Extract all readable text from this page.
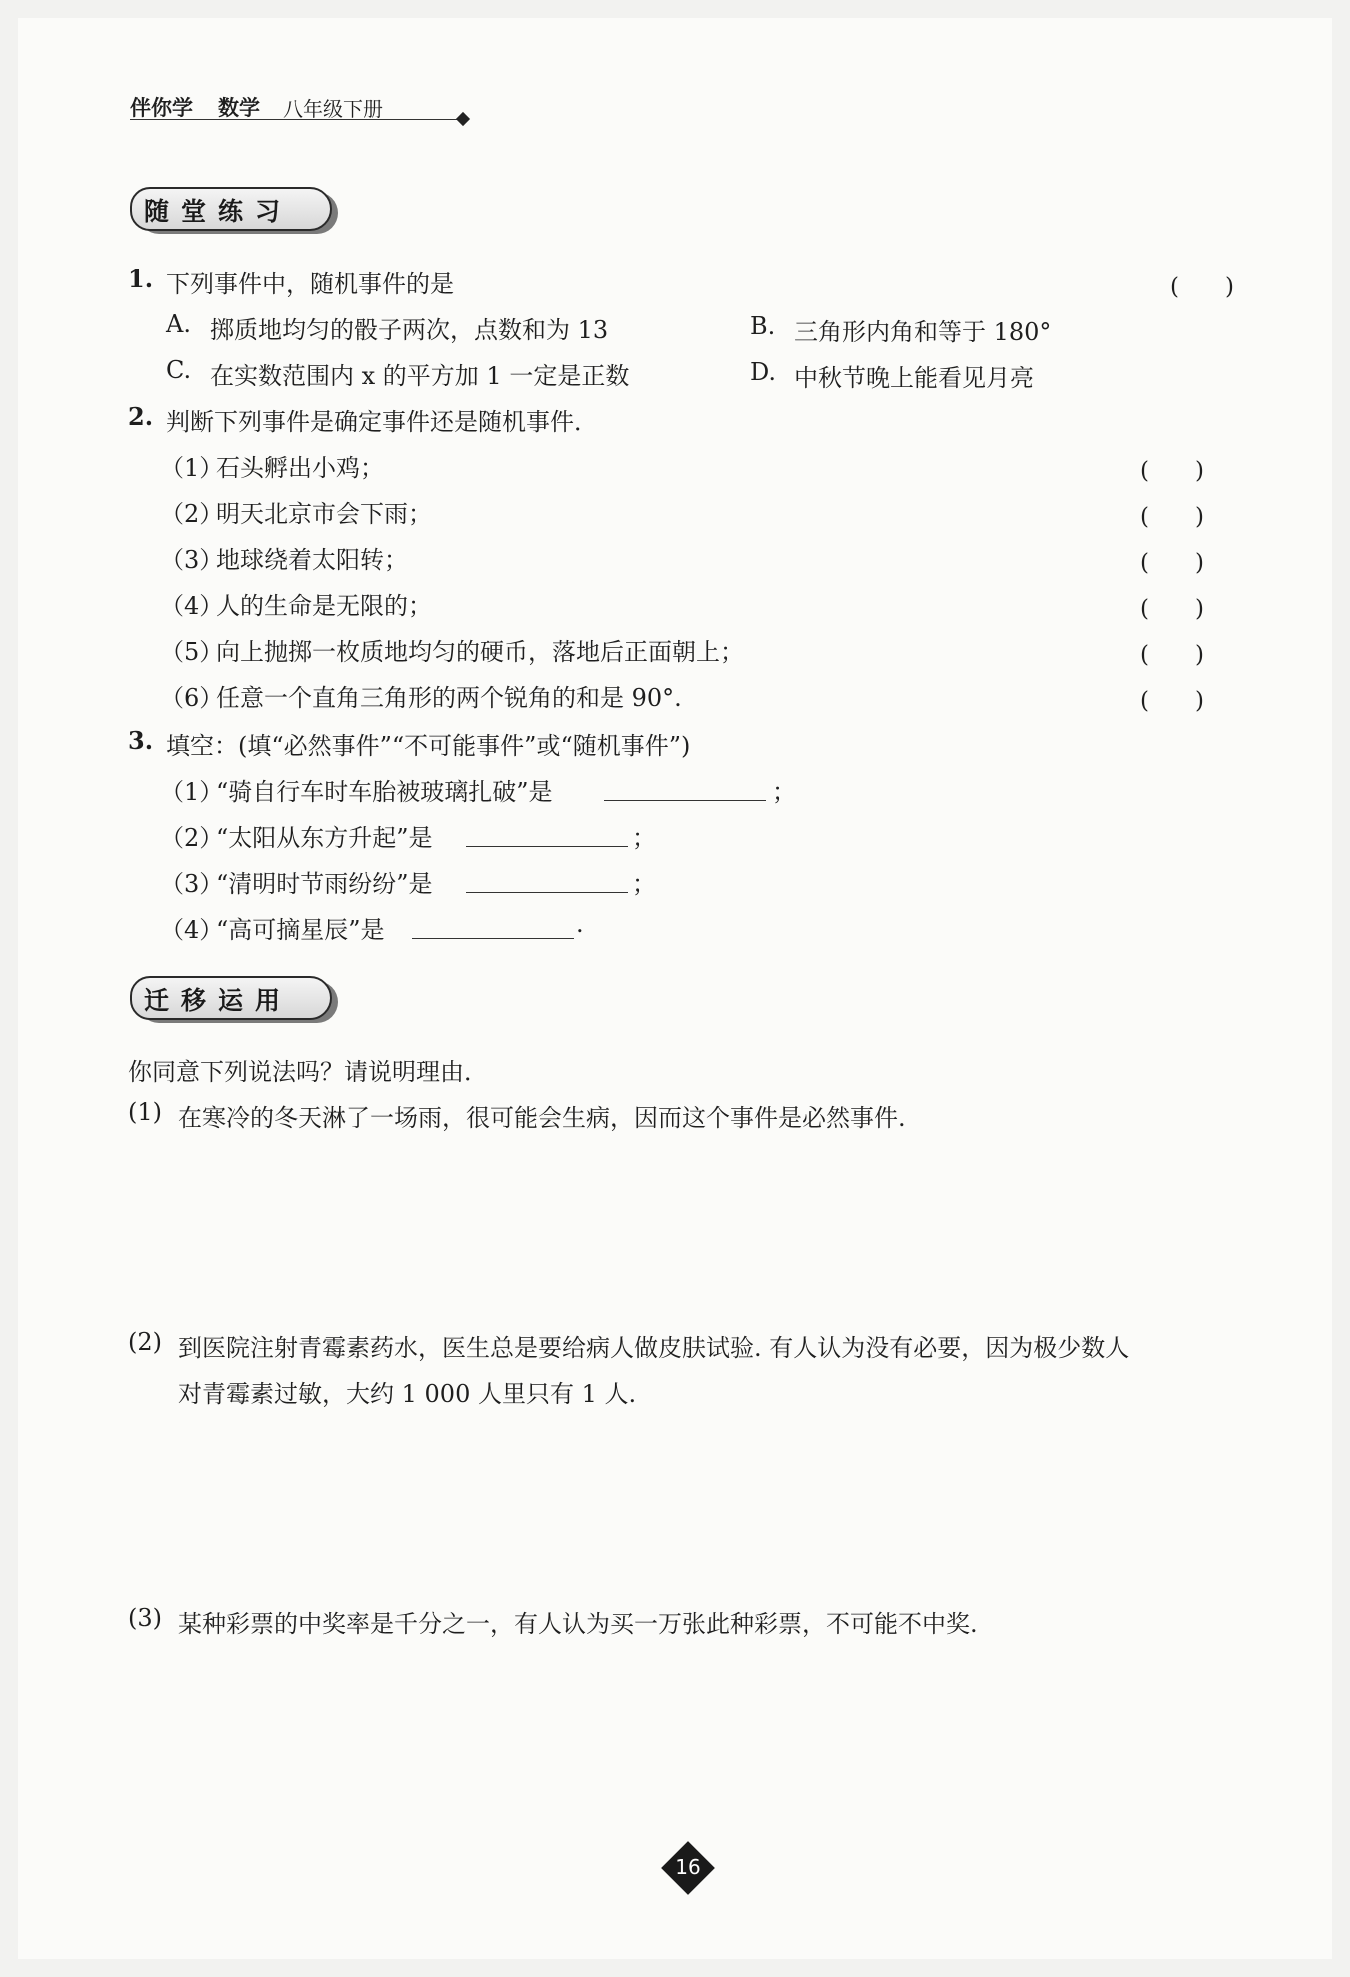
伴你学 数学 八年级下册
随堂练习
1. 下列事件中，随机事件的是	(　　)
A. 掷质地均匀的骰子两次，点数和为 13	B. 三角形内角和等于 180°
C. 在实数范围内 x 的平方加 1 一定是正数	D. 中秋节晚上能看见月亮
2. 判断下列事件是确定事件还是随机事件．
（1）
石头孵出小鸡；	(　　)
（2）
明天北京市会下雨；	(　　)
（3）
地球绕着太阳转；	(　　)
（4）
人的生命是无限的；	(　　)
（5）
向上抛掷一枚质地均匀的硬币，落地后正面朝上；	(　　)
（6）
任意一个直角三角形的两个锐角的和是 90°.	(　　)
3. 填空：(填“必然事件”“不可能事件”或“随机事件”)
（1）
“骑自行车时车胎被玻璃扎破”是	；
（2）
“太阳从东方升起”是	；
（3）
“清明时节雨纷纷”是	；
（4）
“高可摘星辰”是	.
迁移运用
你同意下列说法吗？请说明理由．
(1) 在寒冷的冬天淋了一场雨，很可能会生病，因而这个事件是必然事件.
(2) 到医院注射青霉素药水，医生总是要给病人做皮肤试验. 有人认为没有必要，因为极少数人
对青霉素过敏，大约 1 000 人里只有 1 人.
(3) 某种彩票的中奖率是千分之一，有人认为买一万张此种彩票，不可能不中奖.
16
